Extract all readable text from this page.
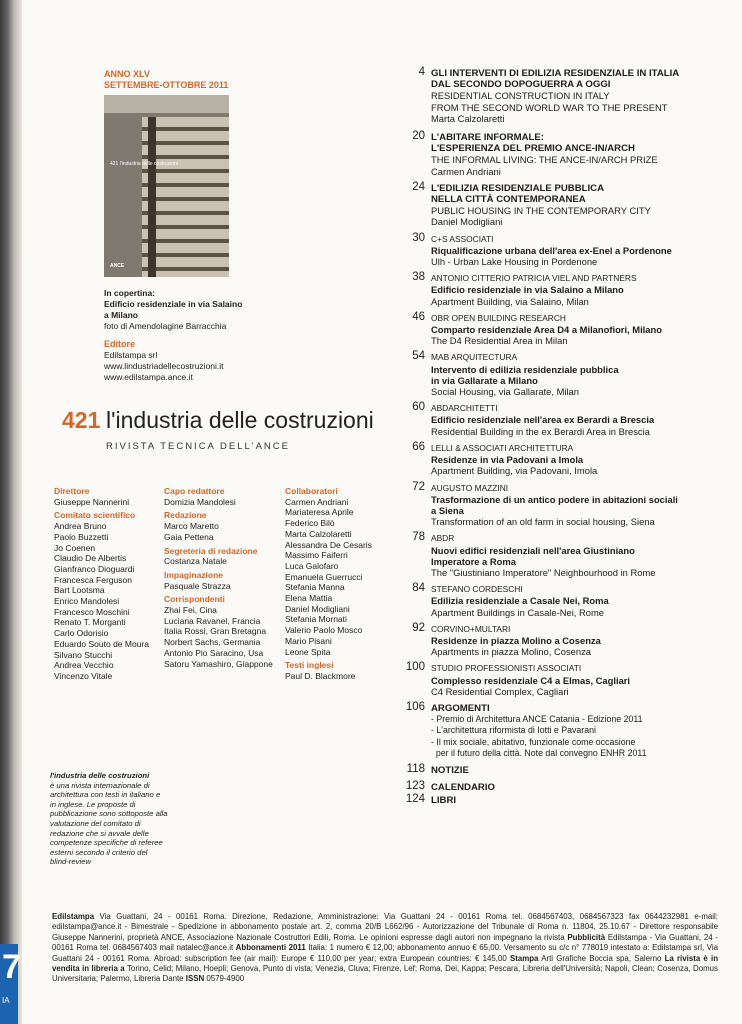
7
IA
ANNO XLV
SETTEMBRE-OTTOBRE 2011
421 l'industria delle costruzioni
ANCE
In copertina:
Edificio residenziale in via Salaino
a Milano
foto di Amendolagine Barracchia
Editore
Edilstampa srl
www.lindustriadellecostruzioni.it
www.edilstampa.ance.it
421 l'industria delle costruzioni
RIVISTA TECNICA DELL'ANCE
Direttore
Giuseppe Nannerini
Comitato scientifico
Andrea Bruno
Paolo Buzzetti
Jo Coenen
Claudio De Albertis
Gianfranco Dioguardi
Francesca Ferguson
Bart Lootsma
Enrico Mandolesi
Francesco Moschini
Renato T. Morganti
Carlo Odorisio
Eduardo Souto de Moura
Silvano Stucchi
Andrea Vecchio
Vincenzo Vitale
Capo redattore
Domizia Mandolesi
Redazione
Marco Maretto
Gaia Pettena
Segreteria di redazione
Costanza Natale
Impaginazione
Pasquale Strazza
Corrispondenti
Zhai Fei, Cina
Luciana Ravanel, Francia
Italia Rossi, Gran Bretagna
Norbert Sachs, Germania
Antonio Pio Saracino, Usa
Satoru Yamashiro, Giappone
Collaboratori
Carmen Andriani
Mariateresa Aprile
Federico Bilò
Marta Calzolaretti
Alessandra De Cesaris
Massimo Faiferri
Luca Galofaro
Emanuela Guerrucci
Stefania Manna
Elena Mattia
Daniel Modigliani
Stefania Mornati
Valerio Paolo Mosco
Mario Pisani
Leone Spita
Testi inglesi
Paul D. Blackmore
l'industria delle costruzioni
è una rivista internazionale di architettura con testi in italiano e in inglese. Le proposte di pubblicazione sono sottoposte alla valutazione del comitato di redazione che si avvale delle competenze specifiche di referee esterni secondo il criterio del blind-review
4 GLI INTERVENTI DI EDILIZIA RESIDENZIALE IN ITALIA
DAL SECONDO DOPOGUERRA A OGGI
RESIDENTIAL CONSTRUCTION IN ITALY
FROM THE SECOND WORLD WAR TO THE PRESENT
Marta Calzolaretti
20 L'ABITARE INFORMALE:
L'ESPERIENZA DEL PREMIO ANCE-IN/ARCH
THE INFORMAL LIVING: THE ANCE-IN/ARCH PRIZE
Carmen Andriani
24 L'EDILIZIA RESIDENZIALE PUBBLICA
NELLA CITTÀ CONTEMPORANEA
PUBLIC HOUSING IN THE CONTEMPORARY CITY
Daniel Modigliani
30 C+S ASSOCIATI
Riqualificazione urbana dell'area ex-Enel a Pordenone
Ulh - Urban Lake Housing in Pordenone
38 ANTONIO CITTERIO PATRICIA VIEL AND PARTNERS
Edificio residenziale in via Salaino a Milano
Apartment Building, via Salaino, Milan
46 OBR OPEN BUILDING RESEARCH
Comparto residenziale Area D4 a Milanofiori, Milano
The D4 Residential Area in Milan
54 MAB ARQUITECTURA
Intervento di edilizia residenziale pubblica
in via Gallarate a Milano
Social Housing, via Gallarate, Milan
60 ABDARCHITETTI
Edificio residenziale nell'area ex Berardi a Brescia
Residential Building in the ex Berardi Area in Brescia
66 LELLI & ASSOCIATI ARCHITETTURA
Residenze in via Padovani a Imola
Apartment Building, via Padovani, Imola
72 AUGUSTO MAZZINI
Trasformazione di un antico podere in abitazioni sociali
a Siena
Transformation of an old farm in social housing, Siena
78 ABDR
Nuovi edifici residenziali nell'area Giustiniano
Imperatore a Roma
The "Giustiniano Imperatore" Neighbourhood in Rome
84 STEFANO CORDESCHI
Edilizia residenziale a Casale Nei, Roma
Apartment Buildings in Casale-Nei, Rome
92 CORVINO+MULTARI
Residenze in piazza Molino a Cosenza
Apartments in piazza Molino, Cosenza
100 STUDIO PROFESSIONISTI ASSOCIATI
Complesso residenziale C4 a Elmas, Cagliari
C4 Residential Complex, Cagliari
106 ARGOMENTI
- Premio di Architettura ANCE Catania - Edizione 2011
- L'architettura riformista di Iotti e Pavarani
- Il mix sociale, abitativo, funzionale come occasione
per il futuro della città. Note dal convegno ENHR 2011
118 NOTIZIE
123 CALENDARIO
124 LIBRI
Edilstampa Via Guattani, 24 - 00161 Roma. Direzione, Redazione, Amministrazione: Via Guattani 24 - 00161 Roma tel. 0684567403, 0684567323 fax 0644232981 e-mail: edilstampa@ance.it - Bimestrale - Spedizione in abbonamento postale art. 2, comma 20/B L662/96 - Autorizzazione del Tribunale di Roma n. 11804, 25.10.67 - Direttore responsabile Giuseppe Nannerini, proprietà ANCE, Associazione Nazionale Costruttori Edili, Roma. Le opinioni espresse dagli autori non impegnano la rivista Pubblicità Edilstampa - Via Guattani, 24 - 00161 Roma tel. 0684567403 mail natalec@ance.it Abbonamenti 2011 Italia: 1 numero € 12,00; abbonamento annuo € 65,00. Versamento su c/c n° 778019 intestato a: Edilstampa srl, Via Guattani 24 - 00161 Roma. Abroad: subscription fee (air mail): Europe € 110,00 per year; extra European countries: € 145,00 Stampa Arti Grafiche Boccia spa, Salerno La rivista è in vendita in libreria a Torino, Celid; Milano, Hoepli; Genova, Punto di vista; Venezia, Cluva; Firenze, Lef; Roma, Dei, Kappa; Pescara, Libreria dell'Università; Napoli, Clean; Cosenza, Domus Universitaria; Palermo, Libreria Dante ISSN 0579-4900
